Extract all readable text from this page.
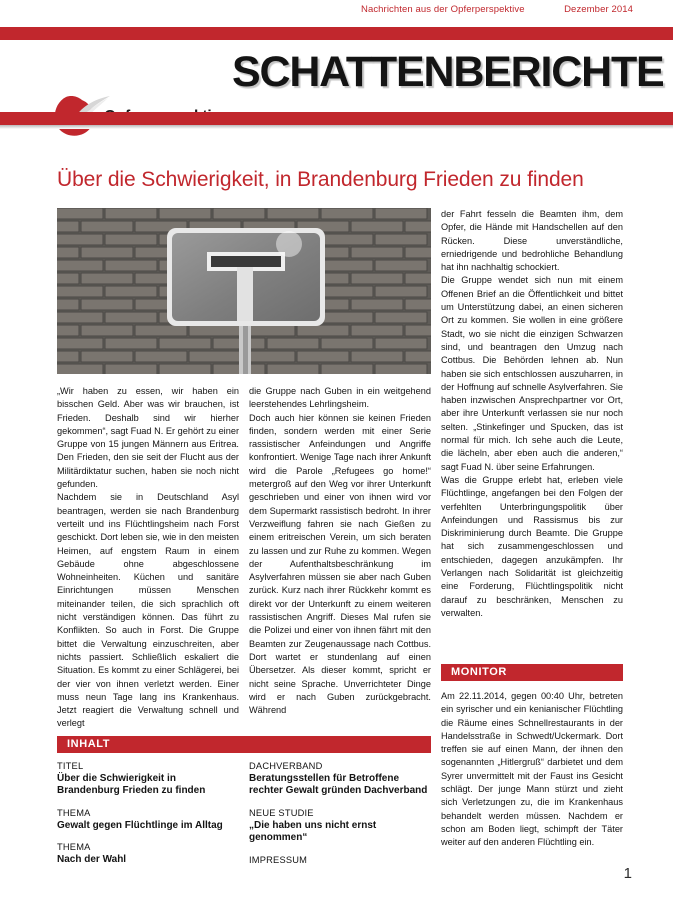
Nachrichten aus der Opferperspektive	Dezember 2014
SCHATTENBERICHTE
Über die Schwierigkeit, in Brandenburg Frieden zu finden

„Wir haben zu essen, wir haben ein bisschen Geld. Aber was wir brauchen, ist Frieden. Deshalb sind wir hierher gekommen“, sagt Fuad N. Er gehört zu einer Gruppe von 15 jungen Männern aus Eritrea. Den Frieden, den sie seit der Flucht aus der Militärdiktatur suchen, haben sie noch nicht gefunden.

Nachdem sie in Deutschland Asyl beantragen, werden sie nach Brandenburg verteilt und ins Flüchtlingsheim nach Forst geschickt. Dort leben sie, wie in den meisten Heimen, auf engstem Raum in einem Gebäude ohne abgeschlossene Wohneinheiten. Küchen und sanitäre Einrichtungen müssen Menschen miteinander teilen, die sich sprachlich oft nicht verständigen können. Das führt zu Konflikten. So auch in Forst. Die Gruppe bittet die Verwaltung einzuschreiten, aber nichts passiert. Schließlich eskaliert die Situation. Es kommt zu einer Schlägerei, bei der vier von ihnen verletzt werden. Einer muss neun Tage lang ins Krankenhaus. Jetzt reagiert die Verwaltung schnell und verlegt

die Gruppe nach Guben in ein weitgehend leerstehendes Lehrlingsheim.

Doch auch hier können sie keinen Frieden finden, sondern werden mit einer Serie rassistischer Anfeindungen und Angriffe konfrontiert. Wenige Tage nach ihrer Ankunft wird die Parole „Refugees go home!“ metergroß auf den Weg vor ihrer Unterkunft geschrieben und einer von ihnen wird vor dem Supermarkt rassistisch bedroht. In ihrer Verzweiflung fahren sie nach Gießen zu einem eritreischen Verein, um sich beraten zu lassen und zur Ruhe zu kommen. Wegen der Aufenthaltsbeschränkung im Asylverfahren müssen sie aber nach Guben zurück. Kurz nach ihrer Rückkehr kommt es direkt vor der Unterkunft zu einem weiteren rassistischen Angriff. Dieses Mal rufen sie die Polizei und einer von ihnen fährt mit den Beamten zur Zeugenaussage nach Cottbus. Dort wartet er stundenlang auf einen Übersetzer. Als dieser kommt, spricht er nicht seine Sprache. Unverrichteter Dinge wird er nach Guben zurückgebracht. Während

der Fahrt fesseln die Beamten ihm, dem Opfer, die Hände mit Handschellen auf den Rücken. Diese unverständliche, erniedrigende und bedrohliche Behandlung hat ihn nachhaltig schockiert.

Die Gruppe wendet sich nun mit einem Offenen Brief an die Öffentlichkeit und bittet um Unterstützung dabei, an einen sicheren Ort zu kommen. Sie wollen in eine größere Stadt, wo sie nicht die einzigen Schwarzen sind, und beantragen den Umzug nach Cottbus. Die Behörden lehnen ab. Nun haben sie sich entschlossen auszuharren, in der Hoffnung auf schnelle Asylverfahren. Sie haben inzwischen Ansprechpartner vor Ort, aber ihre Unterkunft verlassen sie nur noch selten. „Stinkefinger und Spucken, das ist normal für mich. Ich sehe auch die Leute, die lächeln, aber eben auch die anderen,“ sagt Fuad N. über seine Erfahrungen.

Was die Gruppe erlebt hat, erleben viele Flüchtlinge, angefangen bei den Folgen der verfehlten Unterbringungspolitik über Anfeindungen und Rassismus bis zur Diskriminierung durch Beamte. Die Gruppe hat sich zusammengeschlossen und entschieden, dagegen anzukämpfen. Ihr Verlangen nach Solidarität ist gleichzeitig eine Forderung, Flüchtlingspolitik nicht darauf zu beschränken, Menschen zu verwalten.

MONITOR

Am 22.11.2014, gegen 00:40 Uhr, betreten ein syrischer und ein kenianischer Flüchtling die Räume eines Schnellrestaurants in der Handelsstraße in Schwedt/Uckermark. Dort treffen sie auf einen Mann, der ihnen den sogenannten „Hitlergruß“ darbietet und dem Syrer unvermittelt mit der Faust ins Gesicht schlägt. Der junge Mann stürzt und zieht sich Verletzungen zu, die im Krankenhaus behandelt werden müssen. Nachdem er schon am Boden liegt, schimpft der Täter weiter auf den anderen Flüchtling ein.

INHALT
TITEL
Über die Schwierigkeit in Brandenburg Frieden zu finden
THEMA
Gewalt gegen Flüchtlinge im Alltag
THEMA
Nach der Wahl
DACHVERBAND
Beratungsstellen für Betroffene rechter Gewalt gründen Dachverband
NEUE STUDIE
„Die haben uns nicht ernst genommen“
IMPRESSUM
1
